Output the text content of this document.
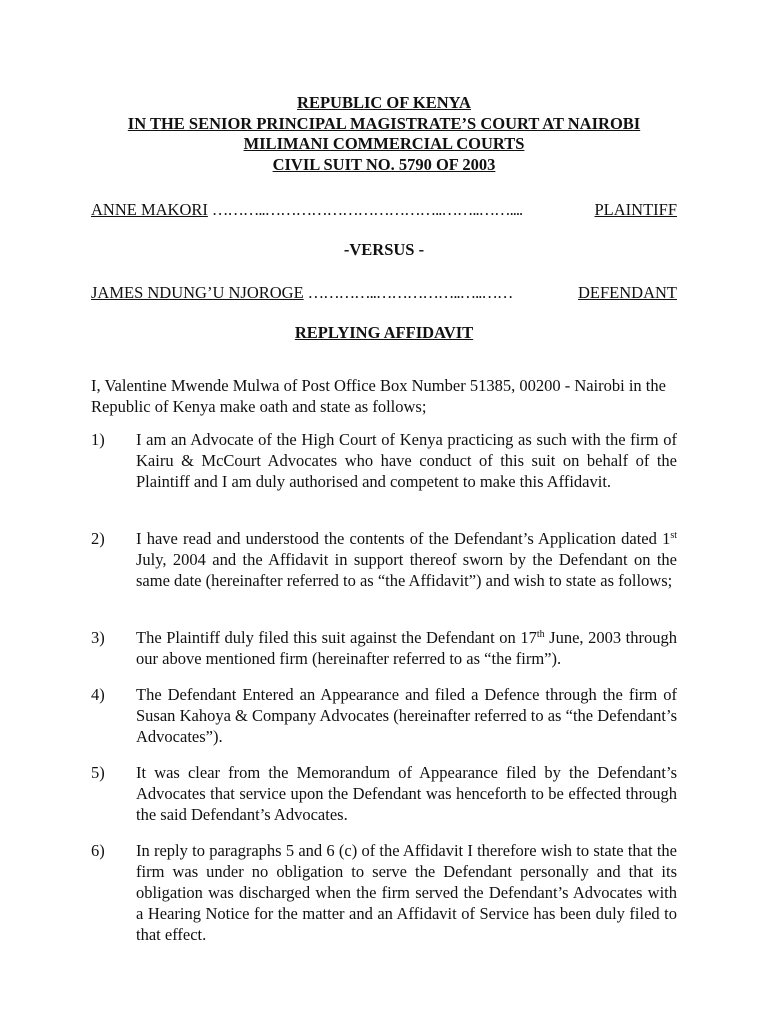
REPUBLIC OF KENYA
IN THE SENIOR PRINCIPAL MAGISTRATE’S COURT AT NAIROBI
MILIMANI COMMERCIAL COURTS
CIVIL SUIT NO. 5790 OF 2003
ANNE MAKORI ………..……………………………..……..……....	PLAINTIFF
-VERSUS -
JAMES NDUNG’U NJOROGE …………..……………..…..……	DEFENDANT
REPLYING AFFIDAVIT
I, Valentine Mwende Mulwa of Post Office Box Number 51385, 00200 - Nairobi in the Republic of Kenya make oath and state as follows;
1)	I am an Advocate of the High Court of Kenya practicing as such with the firm of Kairu & McCourt Advocates who have conduct of this suit on behalf of the Plaintiff and I am duly authorised and competent to make this Affidavit.
2)	I have read and understood the contents of the Defendant’s Application dated 1st July, 2004 and the Affidavit in support thereof sworn by the Defendant on the same date (hereinafter referred to as “the Affidavit”) and wish to state as follows;
3)	The Plaintiff duly filed this suit against the Defendant on 17th June, 2003 through our above mentioned firm (hereinafter referred to as “the firm”).
4)	The Defendant Entered an Appearance and filed a Defence through the firm of Susan Kahoya & Company Advocates (hereinafter referred to as “the Defendant’s Advocates”).
5)	It was clear from the Memorandum of Appearance filed by the Defendant’s Advocates that service upon the Defendant was henceforth to be effected through the said Defendant’s Advocates.
6)	In reply to paragraphs 5 and 6 (c) of the Affidavit I therefore wish to state that the firm was under no obligation to serve the Defendant personally and that its obligation was discharged when the firm served the Defendant’s Advocates with a Hearing Notice for the matter and an Affidavit of Service has been duly filed to that effect.
